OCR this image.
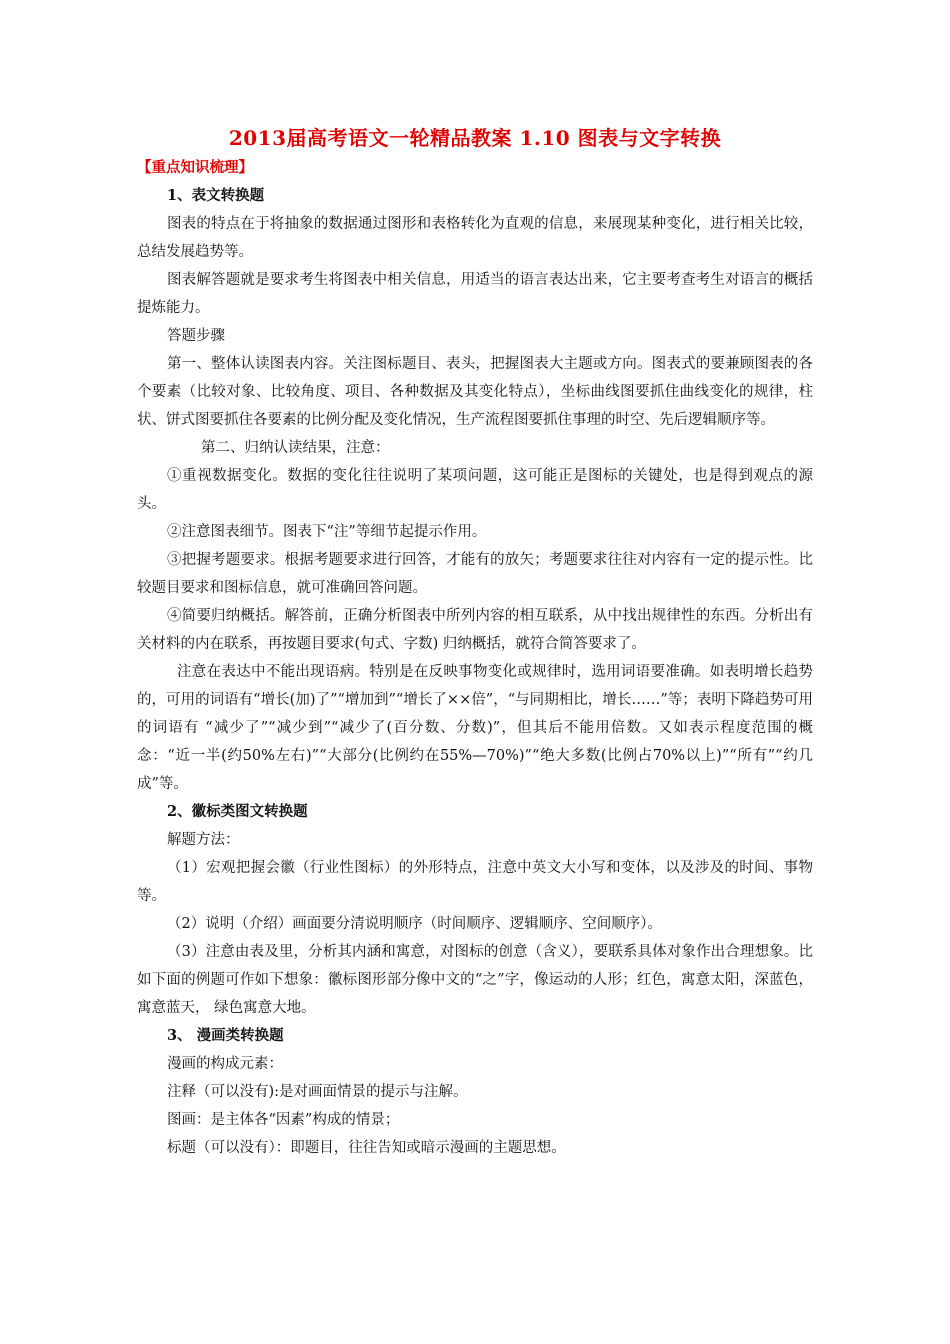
2013届高考语文一轮精品教案 1.10 图表与文字转换
【重点知识梳理】
1、表文转换题

图表的特点在于将抽象的数据通过图形和表格转化为直观的信息，来展现某种变化，进行相关比较，总结发展趋势等。

图表解答题就是要求考生将图表中相关信息，用适当的语言表达出来，它主要考查考生对语言的概括提炼能力。

答题步骤

第一、整体认读图表内容。关注图标题目、表头，把握图表大主题或方向。图表式的要兼顾图表的各个要素（比较对象、比较角度、项目、各种数据及其变化特点），坐标曲线图要抓住曲线变化的规律，柱状、饼式图要抓住各要素的比例分配及变化情况，生产流程图要抓住事理的时空、先后逻辑顺序等。

第二、归纳认读结果，注意：

①重视数据变化。数据的变化往往说明了某项问题，这可能正是图标的关键处，也是得到观点的源头。

②注意图表细节。图表下“注”等细节起提示作用。

③把握考题要求。根据考题要求进行回答，才能有的放矢；考题要求往往对内容有一定的提示性。比较题目要求和图标信息，就可准确回答问题。

④简要归纳概括。解答前，正确分析图表中所列内容的相互联系，从中找出规律性的东西。分析出有关材料的内在联系，再按题目要求(句式、字数) 归纳概括，就符合简答要求了。

注意在表达中不能出现语病。特别是在反映事物变化或规律时，选用词语要准确。如表明增长趋势的，可用的词语有“增长(加)了”“增加到”“增长了××倍”，“与同期相比，增长……”等；表明下降趋势可用的词语有 “减少了”“减少到”“减少了(百分数、分数)”，但其后不能用倍数。又如表示程度范围的概念：“近一半(约50%左右)”“大部分(比例约在55%—70%)”“绝大多数(比例占70%以上)”“所有”“约几成”等。

2、徽标类图文转换题

解题方法：

（1）宏观把握会徽（行业性图标）的外形特点，注意中英文大小写和变体，以及涉及的时间、事物等。

（2）说明（介绍）画面要分清说明顺序（时间顺序、逻辑顺序、空间顺序）。

（3）注意由表及里，分析其内涵和寓意，对图标的创意（含义），要联系具体对象作出合理想象。比如下面的例题可作如下想象：徽标图形部分像中文的“之”字，像运动的人形；红色，寓意太阳，深蓝色，寓意蓝天， 绿色寓意大地。

3、 漫画类转换题

漫画的构成元素：

注释（可以没有):是对画面情景的提示与注解。

图画：是主体各“因素”构成的情景；

标题（可以没有）：即题目，往往告知或暗示漫画的主题思想。
